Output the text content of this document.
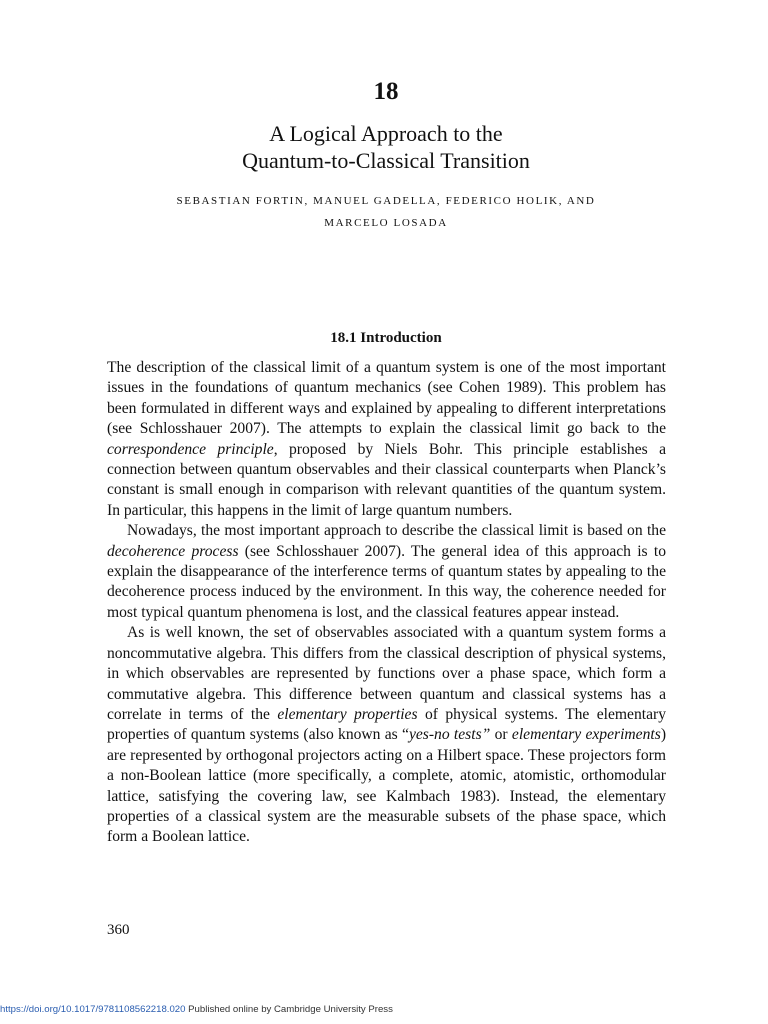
18
A Logical Approach to the
Quantum-to-Classical Transition
SEBASTIAN FORTIN, MANUEL GADELLA, FEDERICO HOLIK, AND
MARCELO LOSADA
18.1 Introduction

The description of the classical limit of a quantum system is one of the most important issues in the foundations of quantum mechanics (see Cohen 1989). This problem has been formulated in different ways and explained by appealing to different interpretations (see Schlosshauer 2007). The attempts to explain the classical limit go back to the correspondence principle, proposed by Niels Bohr. This principle establishes a connection between quantum observables and their classical counterparts when Planck’s constant is small enough in comparison with relevant quantities of the quantum system. In particular, this happens in the limit of large quantum numbers.

Nowadays, the most important approach to describe the classical limit is based on the decoherence process (see Schlosshauer 2007). The general idea of this approach is to explain the disappearance of the interference terms of quantum states by appealing to the decoherence process induced by the environment. In this way, the coherence needed for most typical quantum phenomena is lost, and the classical features appear instead.

As is well known, the set of observables associated with a quantum system forms a noncommutative algebra. This differs from the classical description of physical systems, in which observables are represented by functions over a phase space, which form a commutative algebra. This difference between quantum and classical systems has a correlate in terms of the elementary properties of physical systems. The elementary properties of quantum systems (also known as “yes-no tests” or elementary experiments) are represented by orthogonal projectors acting on a Hilbert space. These projectors form a non-Boolean lattice (more specifically, a complete, atomic, atomistic, orthomodular lattice, satisfying the covering law, see Kalmbach 1983). Instead, the elementary properties of a classical system are the measurable subsets of the phase space, which form a Boolean lattice.

360
https://doi.org/10.1017/9781108562218.020 Published online by Cambridge University Press
